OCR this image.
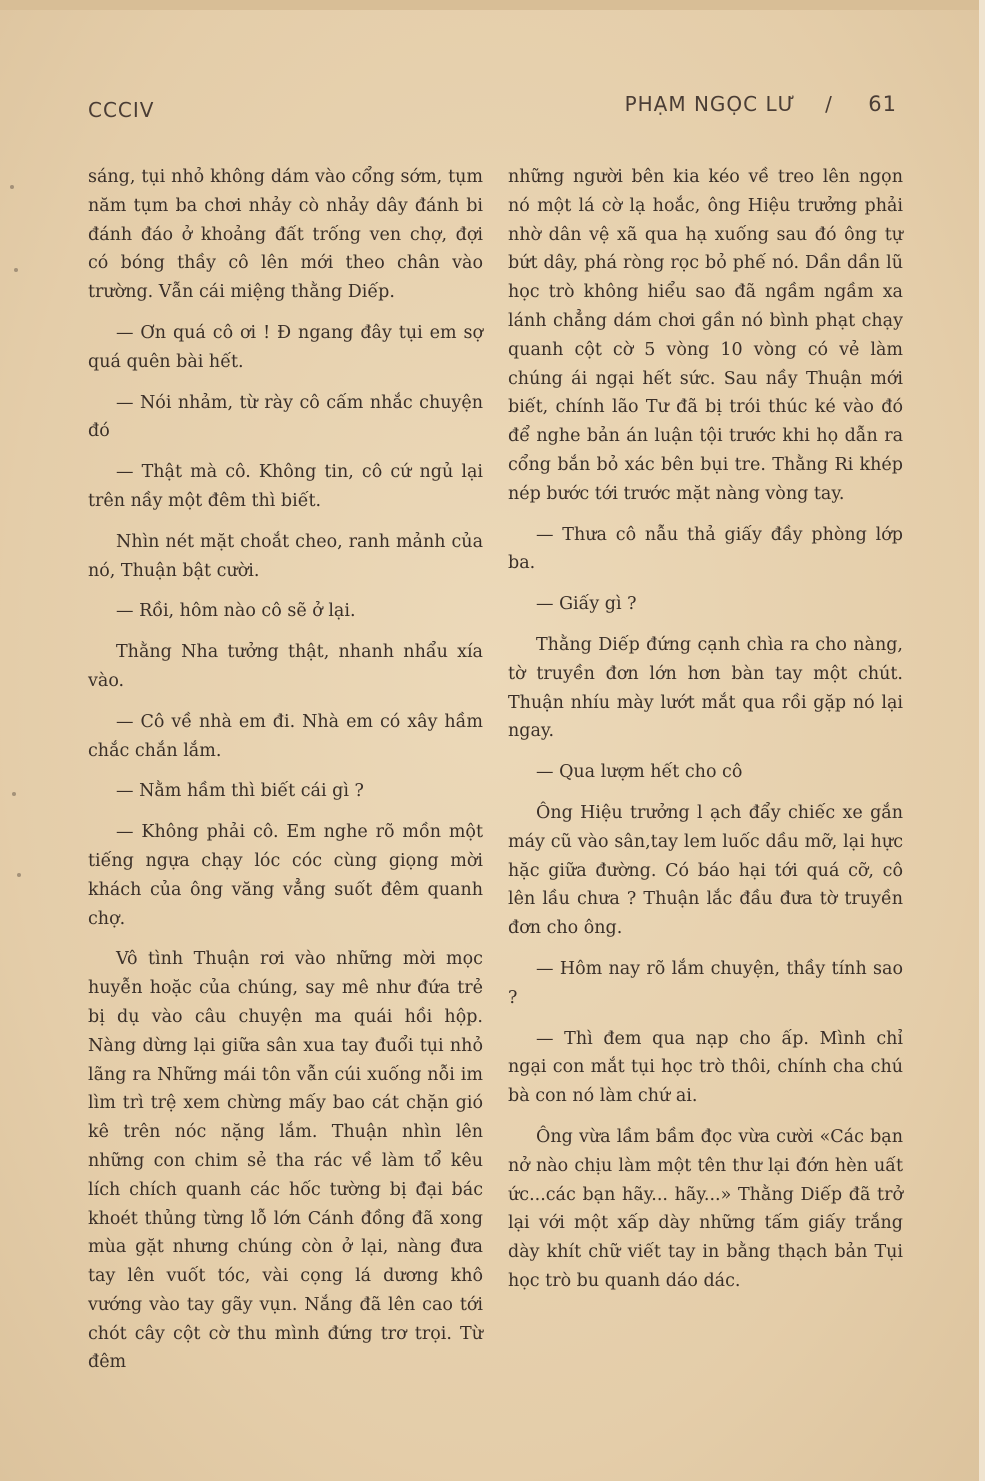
CCCIV	PHẠM NGỌC LƯ / 61

sáng, tụi nhỏ không dám vào cổng sớm, tụm năm tụm ba chơi nhảy cò nhảy dây đánh bi đánh đáo ở khoảng đất trống ven chợ, đợi có bóng thầy cô lên mới theo chân vào trường. Vẫn cái miệng thằng Diếp.

— Ơn quá cô ơi ! Đ ngang đây tụi em sợ quá quên bài hết.

— Nói nhảm, từ rày cô cấm nhắc chuyện đó

— Thật mà cô. Không tin, cô cứ ngủ lại trên nầy một đêm thì biết.

Nhìn nét mặt choắt cheo, ranh mảnh của nó, Thuận bật cười.

— Rồi, hôm nào cô sẽ ở lại.

Thằng Nha tưởng thật, nhanh nhẩu xía vào.

— Cô về nhà em đi. Nhà em có xây hầm chắc chắn lắm.

— Nằm hầm thì biết cái gì ?

— Không phải cô. Em nghe rõ mồn một tiếng ngựa chạy lóc cóc cùng giọng mời khách của ông văng vẳng suốt đêm quanh chợ.

Vô tình Thuận rơi vào những mời mọc huyễn hoặc của chúng, say mê như đứa trẻ bị dụ vào câu chuyện ma quái hồi hộp. Nàng dừng lại giữa sân xua tay đuổi tụi nhỏ lãng ra Những mái tôn vẫn cúi xuống nỗi im lìm trì trệ xem chừng mấy bao cát chặn gió kê trên nóc nặng lắm. Thuận nhìn lên những con chim sẻ tha rác về làm tổ kêu lích chích quanh các hốc tường bị đại bác khoét thủng từng lỗ lớn Cánh đồng đã xong mùa gặt nhưng chúng còn ở lại, nàng đưa tay lên vuốt tóc, vài cọng lá dương khô vướng vào tay gãy vụn. Nắng đã lên cao tới chót cây cột cờ thu mình đứng trơ trọi. Từ đêm

những người bên kia kéo về treo lên ngọn nó một lá cờ lạ hoắc, ông Hiệu trưởng phải nhờ dân vệ xã qua hạ xuống sau đó ông tự bứt dây, phá ròng rọc bỏ phế nó. Dần dần lũ học trò không hiểu sao đã ngầm ngầm xa lánh chẳng dám chơi gần nó bình phạt chạy quanh cột cờ 5 vòng 10 vòng có vẻ làm chúng ái ngại hết sức. Sau nầy Thuận mới biết, chính lão Tư đã bị trói thúc ké vào đó để nghe bản án luận tội trước khi họ dẫn ra cổng bắn bỏ xác bên bụi tre. Thằng Ri khép nép bước tới trước mặt nàng vòng tay.

— Thưa cô nẫu thả giấy đầy phòng lớp ba.

— Giấy gì ?

Thằng Diếp đứng cạnh chìa ra cho nàng, tờ truyền đơn lớn hơn bàn tay một chút. Thuận nhíu mày lướt mắt qua rồi gặp nó lại ngay.

— Qua lượm hết cho cô

Ông Hiệu trưởng l ạch đẩy chiếc xe gắn máy cũ vào sân,tay lem luốc dầu mỡ, lại hực hặc giữa đường. Có báo hại tới quá cỡ, cô lên lầu chưa ? Thuận lắc đầu đưa tờ truyền đơn cho ông.

— Hôm nay rõ lắm chuyện, thầy tính sao ?

— Thì đem qua nạp cho ấp. Mình chỉ ngại con mắt tụi học trò thôi, chính cha chú bà con nó làm chứ ai.

Ông vừa lầm bầm đọc vừa cười «Các bạn nở nào chịu làm một tên thư lại đớn hèn uất ức...các bạn hãy... hãy...» Thằng Diếp đã trở lại với một xấp dày những tấm giấy trắng dày khít chữ viết tay in bằng thạch bản Tụi học trò bu quanh dáo dác.
